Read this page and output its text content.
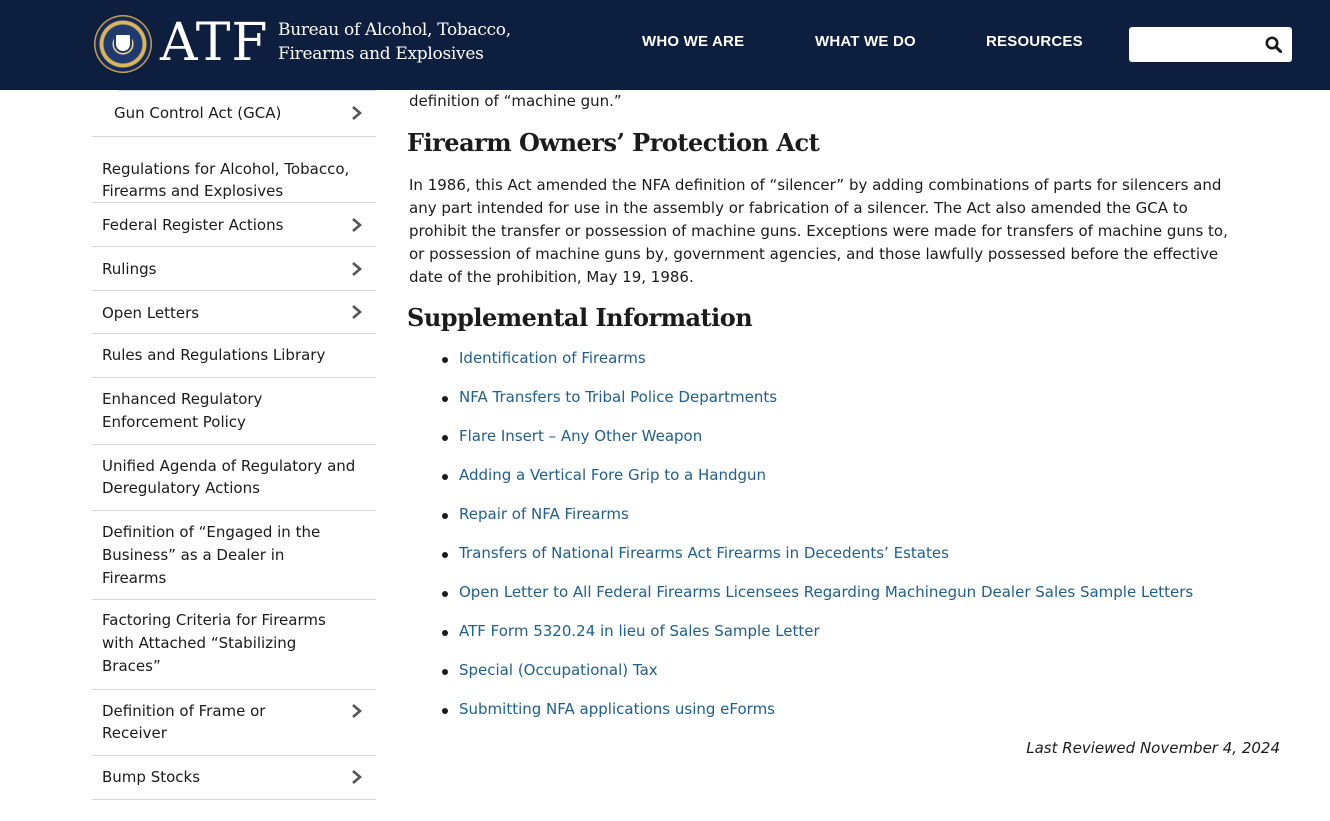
ATF Bureau of Alcohol, Tobacco,
Firearms and Explosives
WHO WE ARE	WHAT WE DO	RESOURCES
Gun Control Act (GCA)
Regulations for Alcohol, Tobacco,
Firearms and Explosives
Federal Register Actions
Rulings
Open Letters
Rules and Regulations Library
Enhanced Regulatory
Enforcement Policy
Unified Agenda of Regulatory and
Deregulatory Actions
Definition of “Engaged in the
Business” as a Dealer in
Firearms
Factoring Criteria for Firearms
with Attached “Stabilizing
Braces”
Definition of Frame or
Receiver
Bump Stocks
definition of “machine gun.”
Firearm Owners’ Protection Act
In 1986, this Act amended the NFA definition of “silencer” by adding combinations of parts for silencers and
any part intended for use in the assembly or fabrication of a silencer. The Act also amended the GCA to
prohibit the transfer or possession of machine guns. Exceptions were made for transfers of machine guns to,
or possession of machine guns by, government agencies, and those lawfully possessed before the effective
date of the prohibition, May 19, 1986.
Supplemental Information
Identification of Firearms
NFA Transfers to Tribal Police Departments
Flare Insert – Any Other Weapon
Adding a Vertical Fore Grip to a Handgun
Repair of NFA Firearms
Transfers of National Firearms Act Firearms in Decedents’ Estates
Open Letter to All Federal Firearms Licensees Regarding Machinegun Dealer Sales Sample Letters
ATF Form 5320.24 in lieu of Sales Sample Letter
Special (Occupational) Tax
Submitting NFA applications using eForms
Last Reviewed November 4, 2024
